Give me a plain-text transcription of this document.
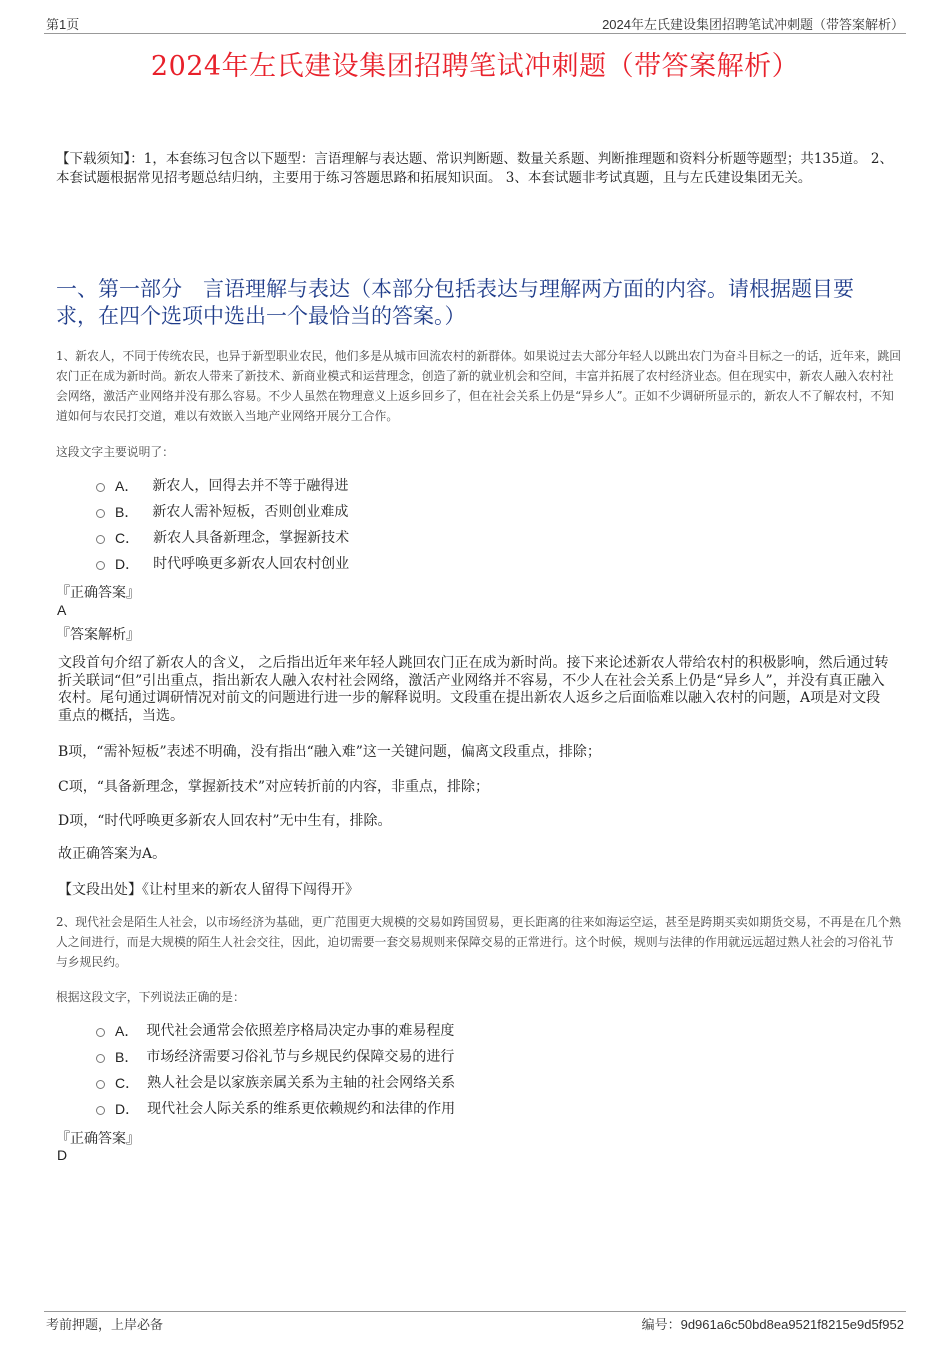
第1页	2024年左氏建设集团招聘笔试冲刺题（带答案解析）
2024年左氏建设集团招聘笔试冲刺题（带答案解析）
【下载须知】：1，本套练习包含以下题型：言语理解与表达题、常识判断题、数量关系题、判断推理题和资料分析题等题型；共135道。 2、本套试题根据常见招考题总结归纳，主要用于练习答题思路和拓展知识面。 3、本套试题非考试真题，且与左氏建设集团无关。
一、第一部分　言语理解与表达（本部分包括表达与理解两方面的内容。请根据题目要求，在四个选项中选出一个最恰当的答案。）
1、新农人，不同于传统农民，也异于新型职业农民，他们多是从城市回流农村的新群体。如果说过去大部分年轻人以跳出农门为奋斗目标之一的话，近年来，跳回农门正在成为新时尚。新农人带来了新技术、新商业模式和运营理念，创造了新的就业机会和空间，丰富并拓展了农村经济业态。但在现实中，新农人融入农村社会网络，激活产业网络并没有那么容易。不少人虽然在物理意义上返乡回乡了，但在社会关系上仍是“异乡人”。正如不少调研所显示的，新农人不了解农村，不知道如何与农民打交道，难以有效嵌入当地产业网络开展分工合作。
这段文字主要说明了：
A． 新农人，回得去并不等于融得进
B． 新农人需补短板，否则创业难成
C． 新农人具备新理念，掌握新技术
D． 时代呼唤更多新农人回农村创业
『正确答案』
A
『答案解析』

文段首句介绍了新农人的含义， 之后指出近年来年轻人跳回农门正在成为新时尚。接下来论述新农人带给农村的积极影响，然后通过转折关联词“但”引出重点，指出新农人融入农村社会网络，激活产业网络并不容易，不少人在社会关系上仍是“异乡人”，并没有真正融入农村。尾句通过调研情况对前文的问题进行进一步的解释说明。文段重在提出新农人返乡之后面临难以融入农村的问题，A项是对文段重点的概括，当选。

B项，“需补短板”表述不明确，没有指出“融入难”这一关键问题，偏离文段重点，排除；

C项，“具备新理念，掌握新技术”对应转折前的内容，非重点，排除；

D项，“时代呼唤更多新农人回农村”无中生有，排除。

故正确答案为A。

【文段出处】《让村里来的新农人留得下闯得开》
2、现代社会是陌生人社会，以市场经济为基础，更广范围更大规模的交易如跨国贸易，更长距离的往来如海运空运，甚至是跨期买卖如期货交易，不再是在几个熟人之间进行，而是大规模的陌生人社会交往，因此，迫切需要一套交易规则来保障交易的正常进行。这个时候，规则与法律的作用就远远超过熟人社会的习俗礼节与乡规民约。
根据这段文字，下列说法正确的是：
A． 现代社会通常会依照差序格局决定办事的难易程度
B． 市场经济需要习俗礼节与乡规民约保障交易的进行
C． 熟人社会是以家族亲属关系为主轴的社会网络关系
D． 现代社会人际关系的维系更依赖规约和法律的作用
『正确答案』
D
考前押题，上岸必备	编号：9d961a6c50bd8ea9521f8215e9d5f952
